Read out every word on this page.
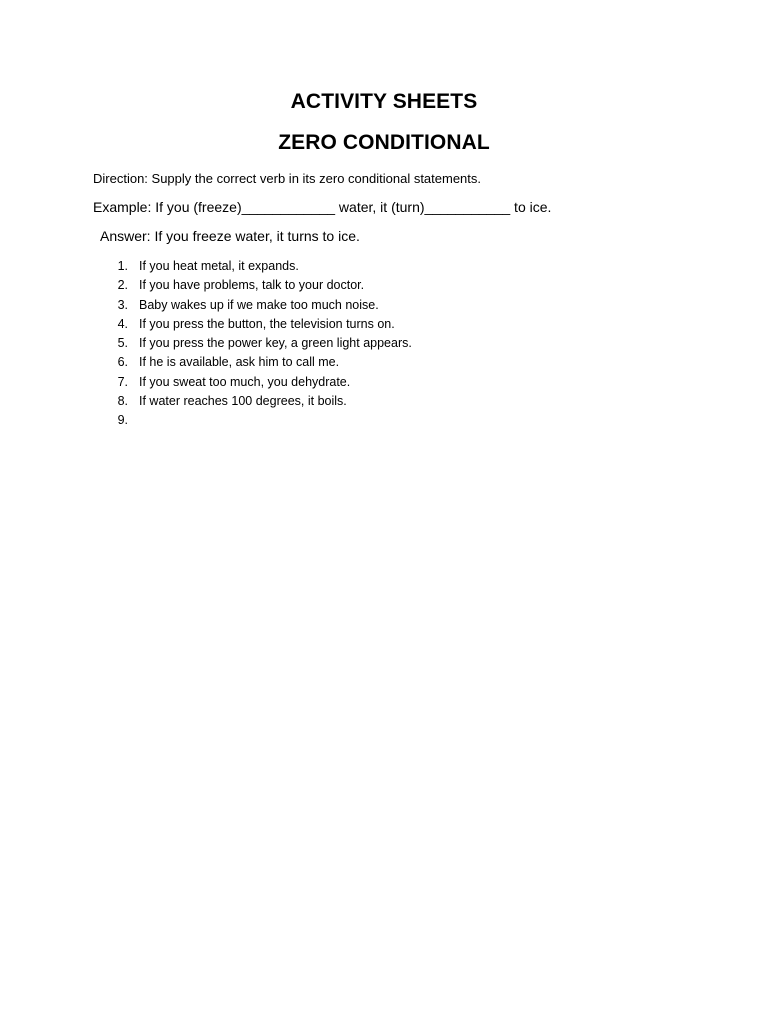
ACTIVITY SHEETS
ZERO CONDITIONAL
Direction: Supply the correct verb in its zero conditional statements.
Example: If you (freeze)____________ water, it (turn)___________ to ice.
Answer: If you freeze water, it turns to ice.
1. If you heat metal, it expands.
2. If you have problems, talk to your doctor.
3. Baby wakes up if we make too much noise.
4. If you press the button, the television turns on.
5. If you press the power key, a green light appears.
6. If he is available, ask him to call me.
7. If you sweat too much, you dehydrate.
8. If water reaches 100 degrees, it boils.
9.
